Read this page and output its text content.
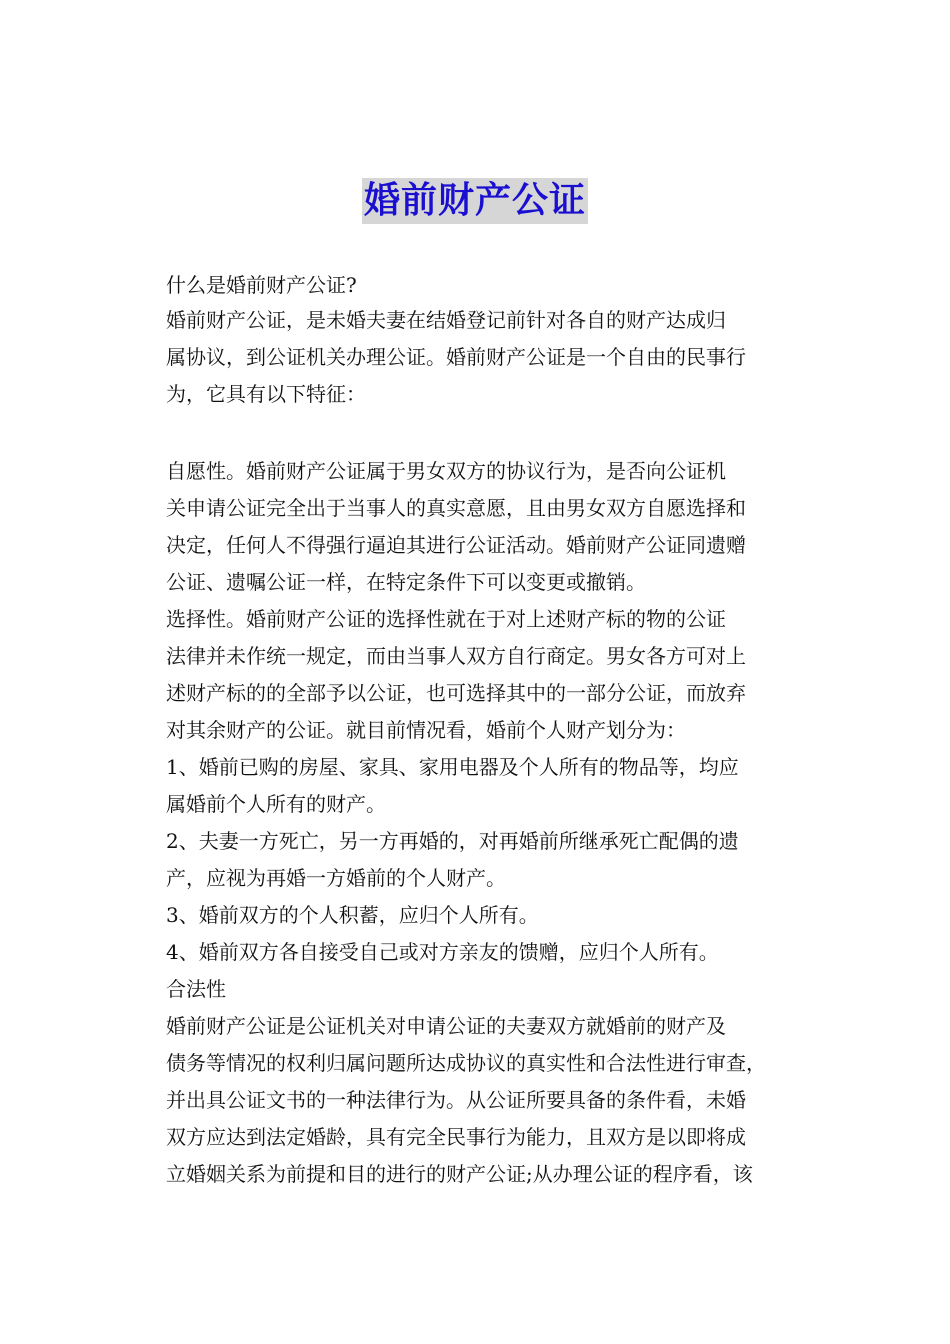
婚前财产公证

什么是婚前财产公证?

婚前财产公证，是未婚夫妻在结婚登记前针对各自的财产达成归

属协议，到公证机关办理公证。婚前财产公证是一个自由的民事行

为，它具有以下特征：

自愿性。婚前财产公证属于男女双方的协议行为，是否向公证机

关申请公证完全出于当事人的真实意愿，且由男女双方自愿选择和

决定，任何人不得强行逼迫其进行公证活动。婚前财产公证同遗赠

公证、遗嘱公证一样，在特定条件下可以变更或撤销。

选择性。婚前财产公证的选择性就在于对上述财产标的物的公证

法律并未作统一规定，而由当事人双方自行商定。男女各方可对上

述财产标的的全部予以公证，也可选择其中的一部分公证，而放弃

对其余财产的公证。就目前情况看，婚前个人财产划分为：

1、婚前已购的房屋、家具、家用电器及个人所有的物品等，均应

属婚前个人所有的财产。

2、夫妻一方死亡，另一方再婚的，对再婚前所继承死亡配偶的遗

产，应视为再婚一方婚前的个人财产。

3、婚前双方的个人积蓄，应归个人所有。

4、婚前双方各自接受自己或对方亲友的馈赠，应归个人所有。

合法性

婚前财产公证是公证机关对申请公证的夫妻双方就婚前的财产及

债务等情况的权利归属问题所达成协议的真实性和合法性进行审查，

并出具公证文书的一种法律行为。从公证所要具备的条件看，未婚

双方应达到法定婚龄，具有完全民事行为能力，且双方是以即将成

立婚姻关系为前提和目的进行的财产公证;从办理公证的程序看，该
